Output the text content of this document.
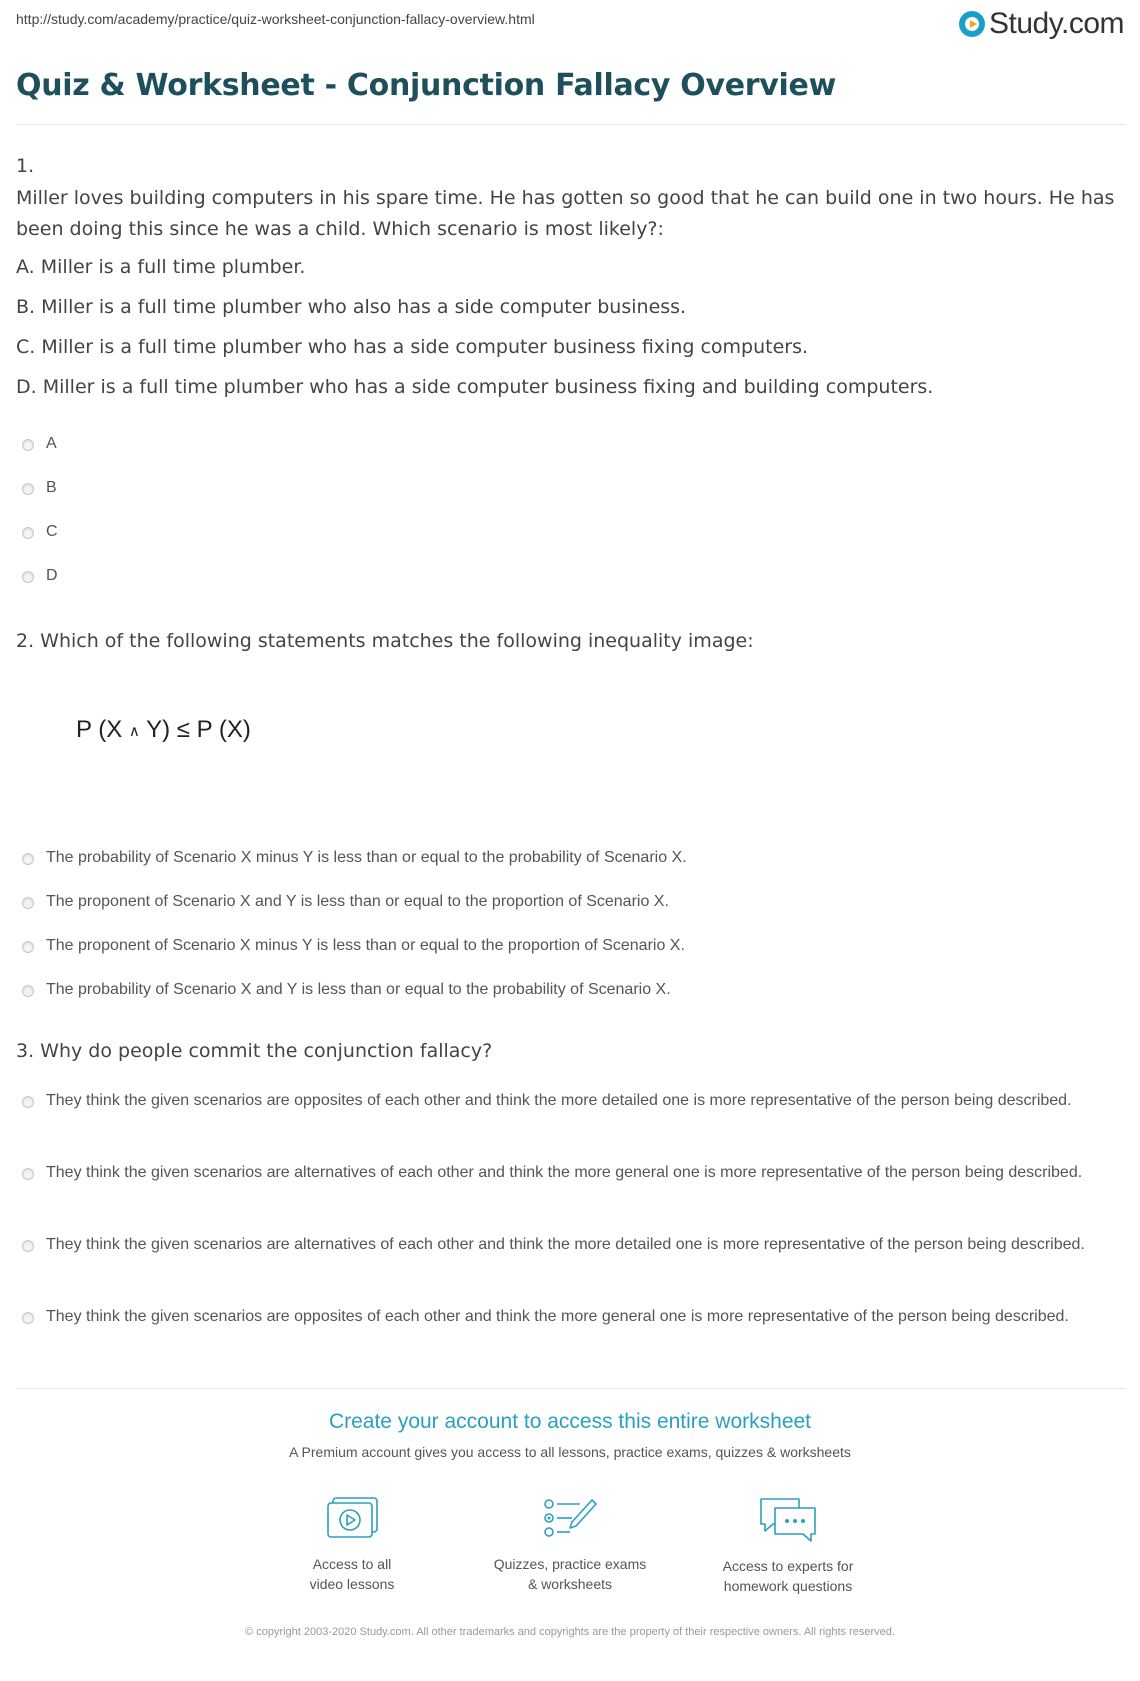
http://study.com/academy/practice/quiz-worksheet-conjunction-fallacy-overview.html	Study.com
Quiz & Worksheet - Conjunction Fallacy Overview
1.
Miller loves building computers in his spare time. He has gotten so good that he can build one in two hours. He has been doing this since he was a child. Which scenario is most likely?:
A. Miller is a full time plumber.
B. Miller is a full time plumber who also has a side computer business.
C. Miller is a full time plumber who has a side computer business fixing computers.
D. Miller is a full time plumber who has a side computer business fixing and building computers.
A
B
C
D
2. Which of the following statements matches the following inequality image:
P (X ∧ Y) ≤ P (X)
The probability of Scenario X minus Y is less than or equal to the probability of Scenario X.
The proponent of Scenario X and Y is less than or equal to the proportion of Scenario X.
The proponent of Scenario X minus Y is less than or equal to the proportion of Scenario X.
The probability of Scenario X and Y is less than or equal to the probability of Scenario X.
3. Why do people commit the conjunction fallacy?
They think the given scenarios are opposites of each other and think the more detailed one is more representative of the person being described.
They think the given scenarios are alternatives of each other and think the more general one is more representative of the person being described.
They think the given scenarios are alternatives of each other and think the more detailed one is more representative of the person being described.
They think the given scenarios are opposites of each other and think the more general one is more representative of the person being described.
Create your account to access this entire worksheet
A Premium account gives you access to all lessons, practice exams, quizzes & worksheets
Access to all
video lessons
Quizzes, practice exams
& worksheets
Access to experts for
homework questions
© copyright 2003-2020 Study.com. All other trademarks and copyrights are the property of their respective owners. All rights reserved.
